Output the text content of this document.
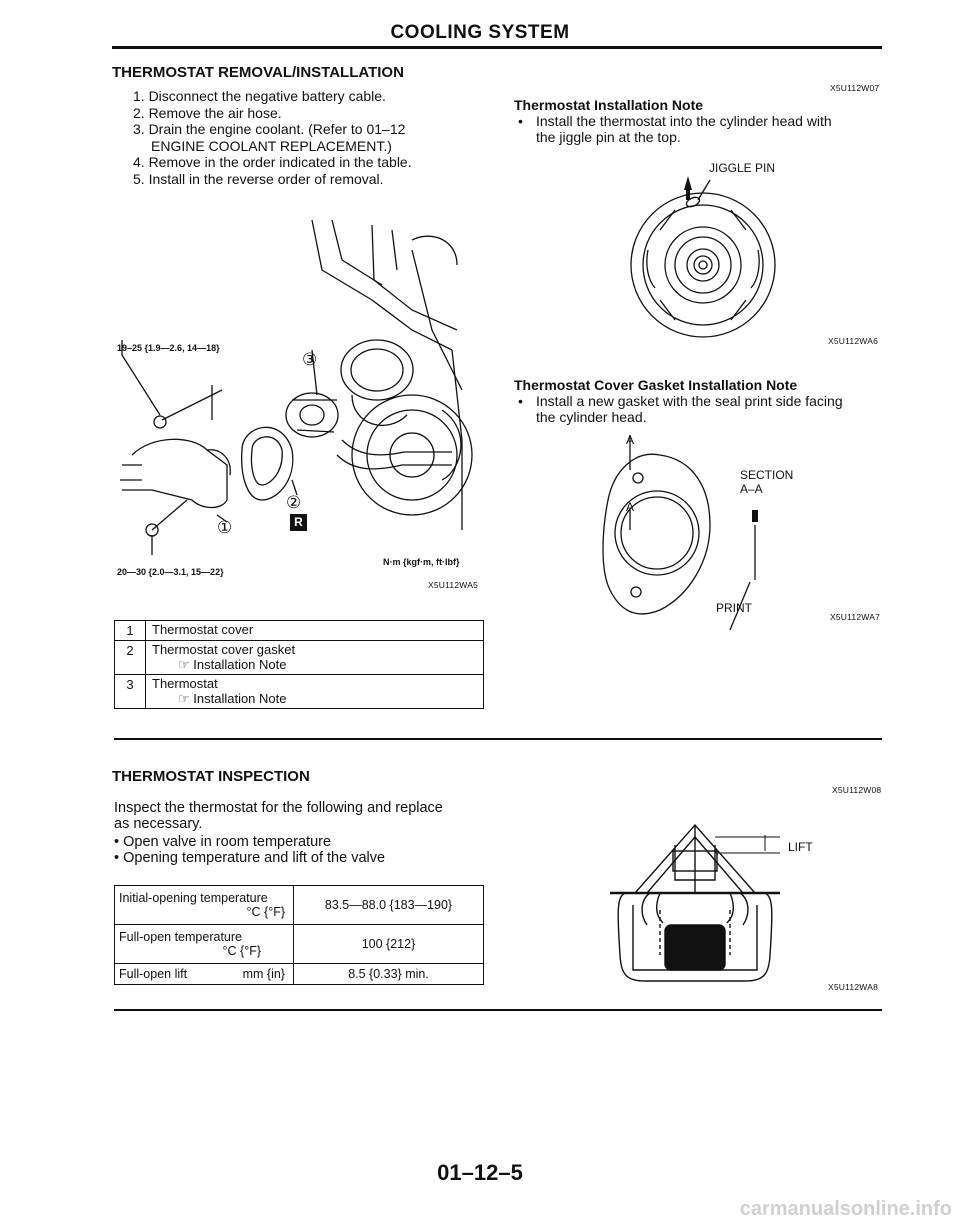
COOLING SYSTEM
THERMOSTAT REMOVAL/INSTALLATION
X5U112W07
1. Disconnect the negative battery cable.
2. Remove the air hose.
3. Drain the engine coolant. (Refer to 01–12
ENGINE COOLANT REPLACEMENT.)
4. Remove in the order indicated in the table.
5. Install in the reverse order of removal.
19–25 {1.9—2.6, 14—18}
③
②
①	R
20—30 {2.0—3.1, 15—22}
N·m {kgf·m, ft·lbf}
X5U112WA5
1	Thermostat cover

2	Thermostat cover gasket
☞ Installation Note

3	Thermostat
☞ Installation Note
Thermostat Installation Note
• Install the thermostat into the cylinder head with
the jiggle pin at the top.
JIGGLE PIN
X5U112WA6
Thermostat Cover Gasket Installation Note
• Install a new gasket with the seal print side facing
the cylinder head.
A
A
SECTION
A–A
PRINT
X5U112WA7
THERMOSTAT INSPECTION
X5U112W08
Inspect the thermostat for the following and replace
as necessary.
• Open valve in room temperature
• Opening temperature and lift of the valve
Initial-opening temperature
°C {°F}	83.5—88.0 {183—190}

Full-open temperature
°C {°F}	100 {212}
Full-open lift mm {in}	8.5 {0.33} min.
LIFT
X5U112WA8
01–12–5
carmanualsonline.info
